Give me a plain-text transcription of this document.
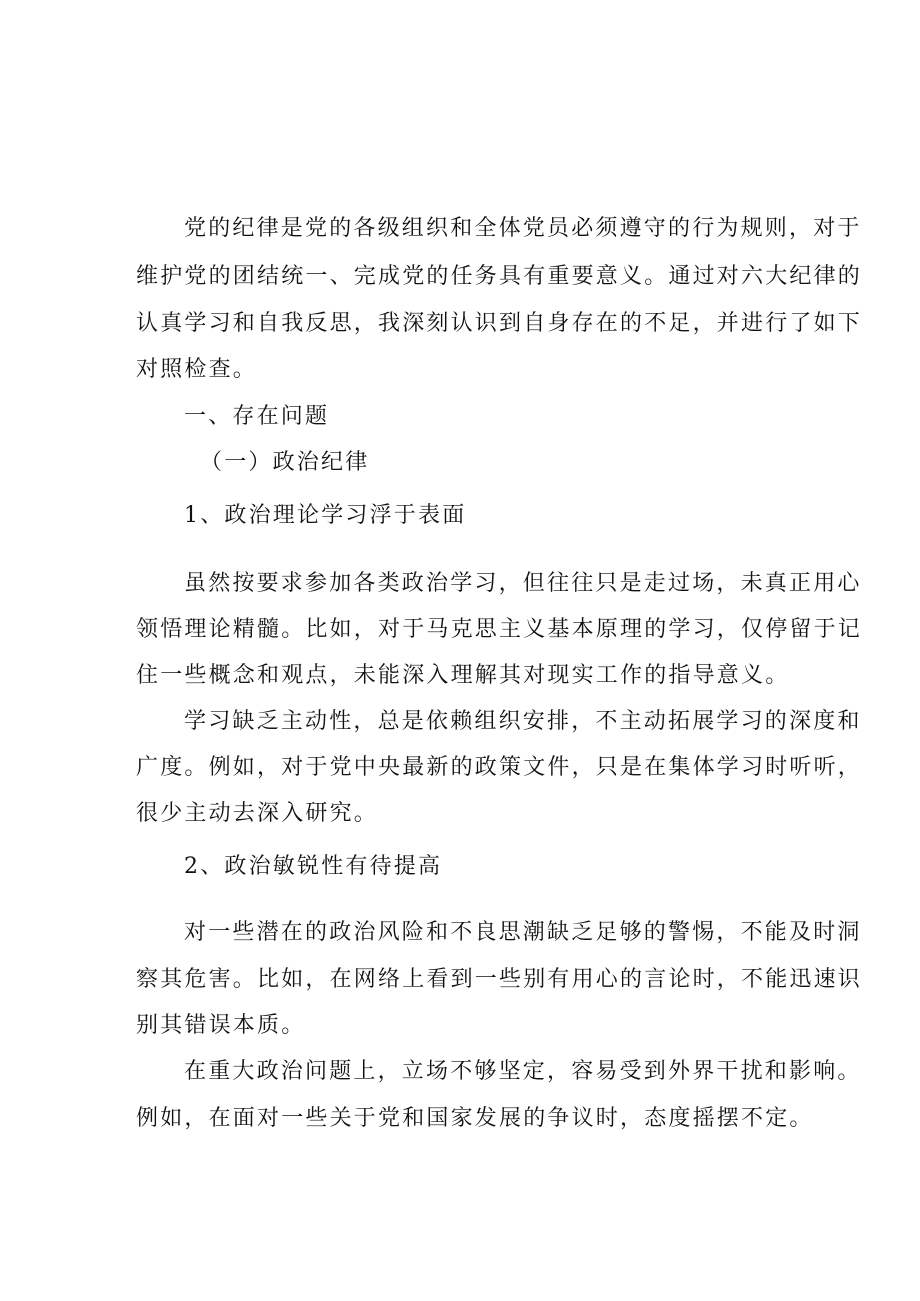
党的纪律是党的各级组织和全体党员必须遵守的行为规则，对于
维护党的团结统一、完成党的任务具有重要意义。通过对六大纪律的
认真学习和自我反思，我深刻认识到自身存在的不足，并进行了如下
对照检查。
一、存在问题
（一）政治纪律
1、政治理论学习浮于表面
虽然按要求参加各类政治学习，但往往只是走过场，未真正用心
领悟理论精髓。比如，对于马克思主义基本原理的学习，仅停留于记
住一些概念和观点，未能深入理解其对现实工作的指导意义。
学习缺乏主动性，总是依赖组织安排，不主动拓展学习的深度和
广度。例如，对于党中央最新的政策文件，只是在集体学习时听听，
很少主动去深入研究。
2、政治敏锐性有待提高
对一些潜在的政治风险和不良思潮缺乏足够的警惕，不能及时洞
察其危害。比如，在网络上看到一些别有用心的言论时，不能迅速识
别其错误本质。
在重大政治问题上，立场不够坚定，容易受到外界干扰和影响。
例如，在面对一些关于党和国家发展的争议时，态度摇摆不定。
